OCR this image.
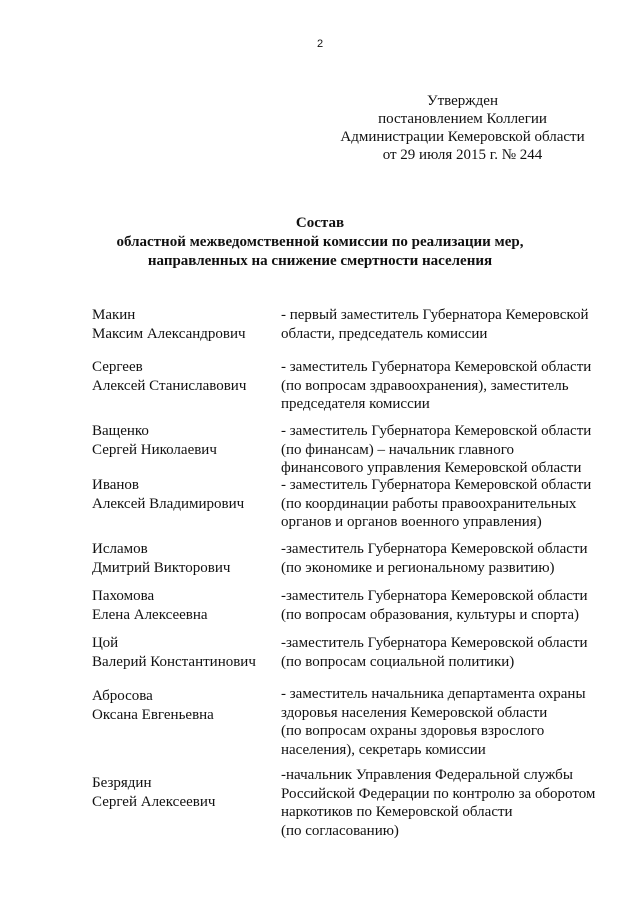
2
Утвержден
постановлением Коллегии
Администрации Кемеровской области
от 29 июля 2015 г. № 244
Состав
областной межведомственной комиссии по реализации мер,
направленных на снижение смертности населения
Макин
Максим Александрович
- первый заместитель Губернатора Кемеровской
области, председатель комиссии
Сергеев
Алексей Станиславович
- заместитель Губернатора Кемеровской области
(по вопросам здравоохранения), заместитель
председателя комиссии
Ващенко
Сергей Николаевич
- заместитель Губернатора Кемеровской области
(по финансам) – начальник главного
финансового управления Кемеровской области
Иванов
Алексей Владимирович
- заместитель Губернатора Кемеровской области
(по координации работы правоохранительных
органов и органов военного управления)
Исламов
Дмитрий Викторович
-заместитель Губернатора Кемеровской области
(по экономике и региональному развитию)
Пахомова
Елена Алексеевна
-заместитель Губернатора Кемеровской области
(по вопросам образования, культуры и спорта)
Цой
Валерий Константинович
-заместитель Губернатора Кемеровской области
(по вопросам социальной политики)
Абросова
Оксана Евгеньевна
- заместитель начальника департамента охраны
здоровья населения Кемеровской области
(по вопросам охраны здоровья взрослого
населения), секретарь комиссии
Безрядин
Сергей Алексеевич
-начальник Управления Федеральной службы
Российской Федерации по контролю за оборотом
наркотиков по Кемеровской области
(по согласованию)
